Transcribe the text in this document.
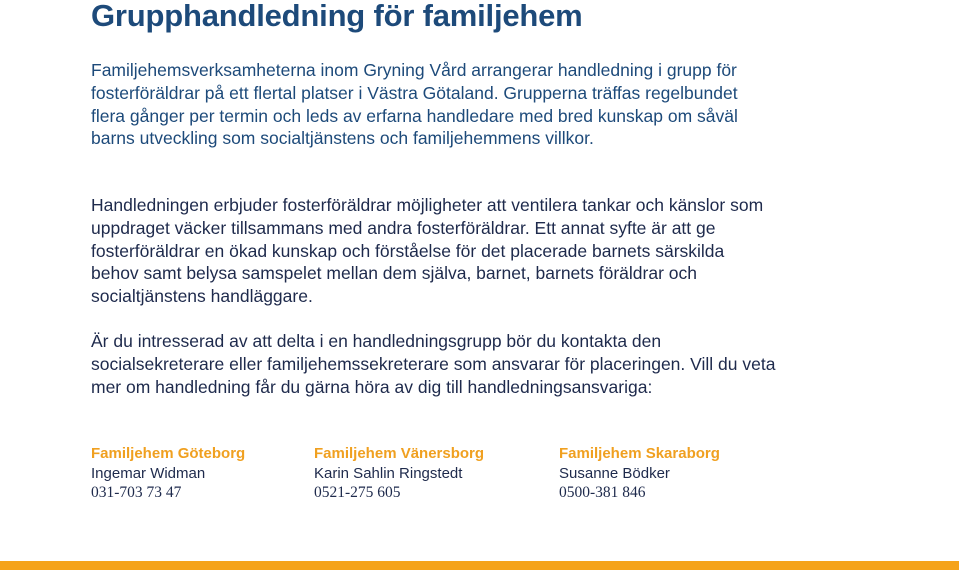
Grupphandledning för familjehem

Familjehemsverksamheterna inom Gryning Vård arrangerar handledning i grupp för fosterföräldrar på ett flertal platser i Västra Götaland. Grupperna träffas regelbundet flera gånger per termin och leds av erfarna handledare med bred kunskap om såväl barns utveckling som socialtjänstens och familjehemmens villkor.

Handledningen erbjuder fosterföräldrar möjligheter att ventilera tankar och känslor som uppdraget väcker tillsammans med andra fosterföräldrar. Ett annat syfte är att ge fosterföräldrar en ökad kunskap och förståelse för det placerade barnets särskilda behov samt belysa samspelet mellan dem själva, barnet, barnets föräldrar och socialtjänstens handläggare.

Är du intresserad av att delta i en handledningsgrupp bör du kontakta den socialsekreterare eller familjehemssekreterare som ansvarar för placeringen. Vill du veta mer om handledning får du gärna höra av dig till handledningsansvariga:

Familjehem Göteborg
Ingemar Widman
031-703 73 47
Familjehem Vänersborg
Karin Sahlin Ringstedt
0521-275 605
Familjehem Skaraborg
Susanne Bödker
0500-381 846
